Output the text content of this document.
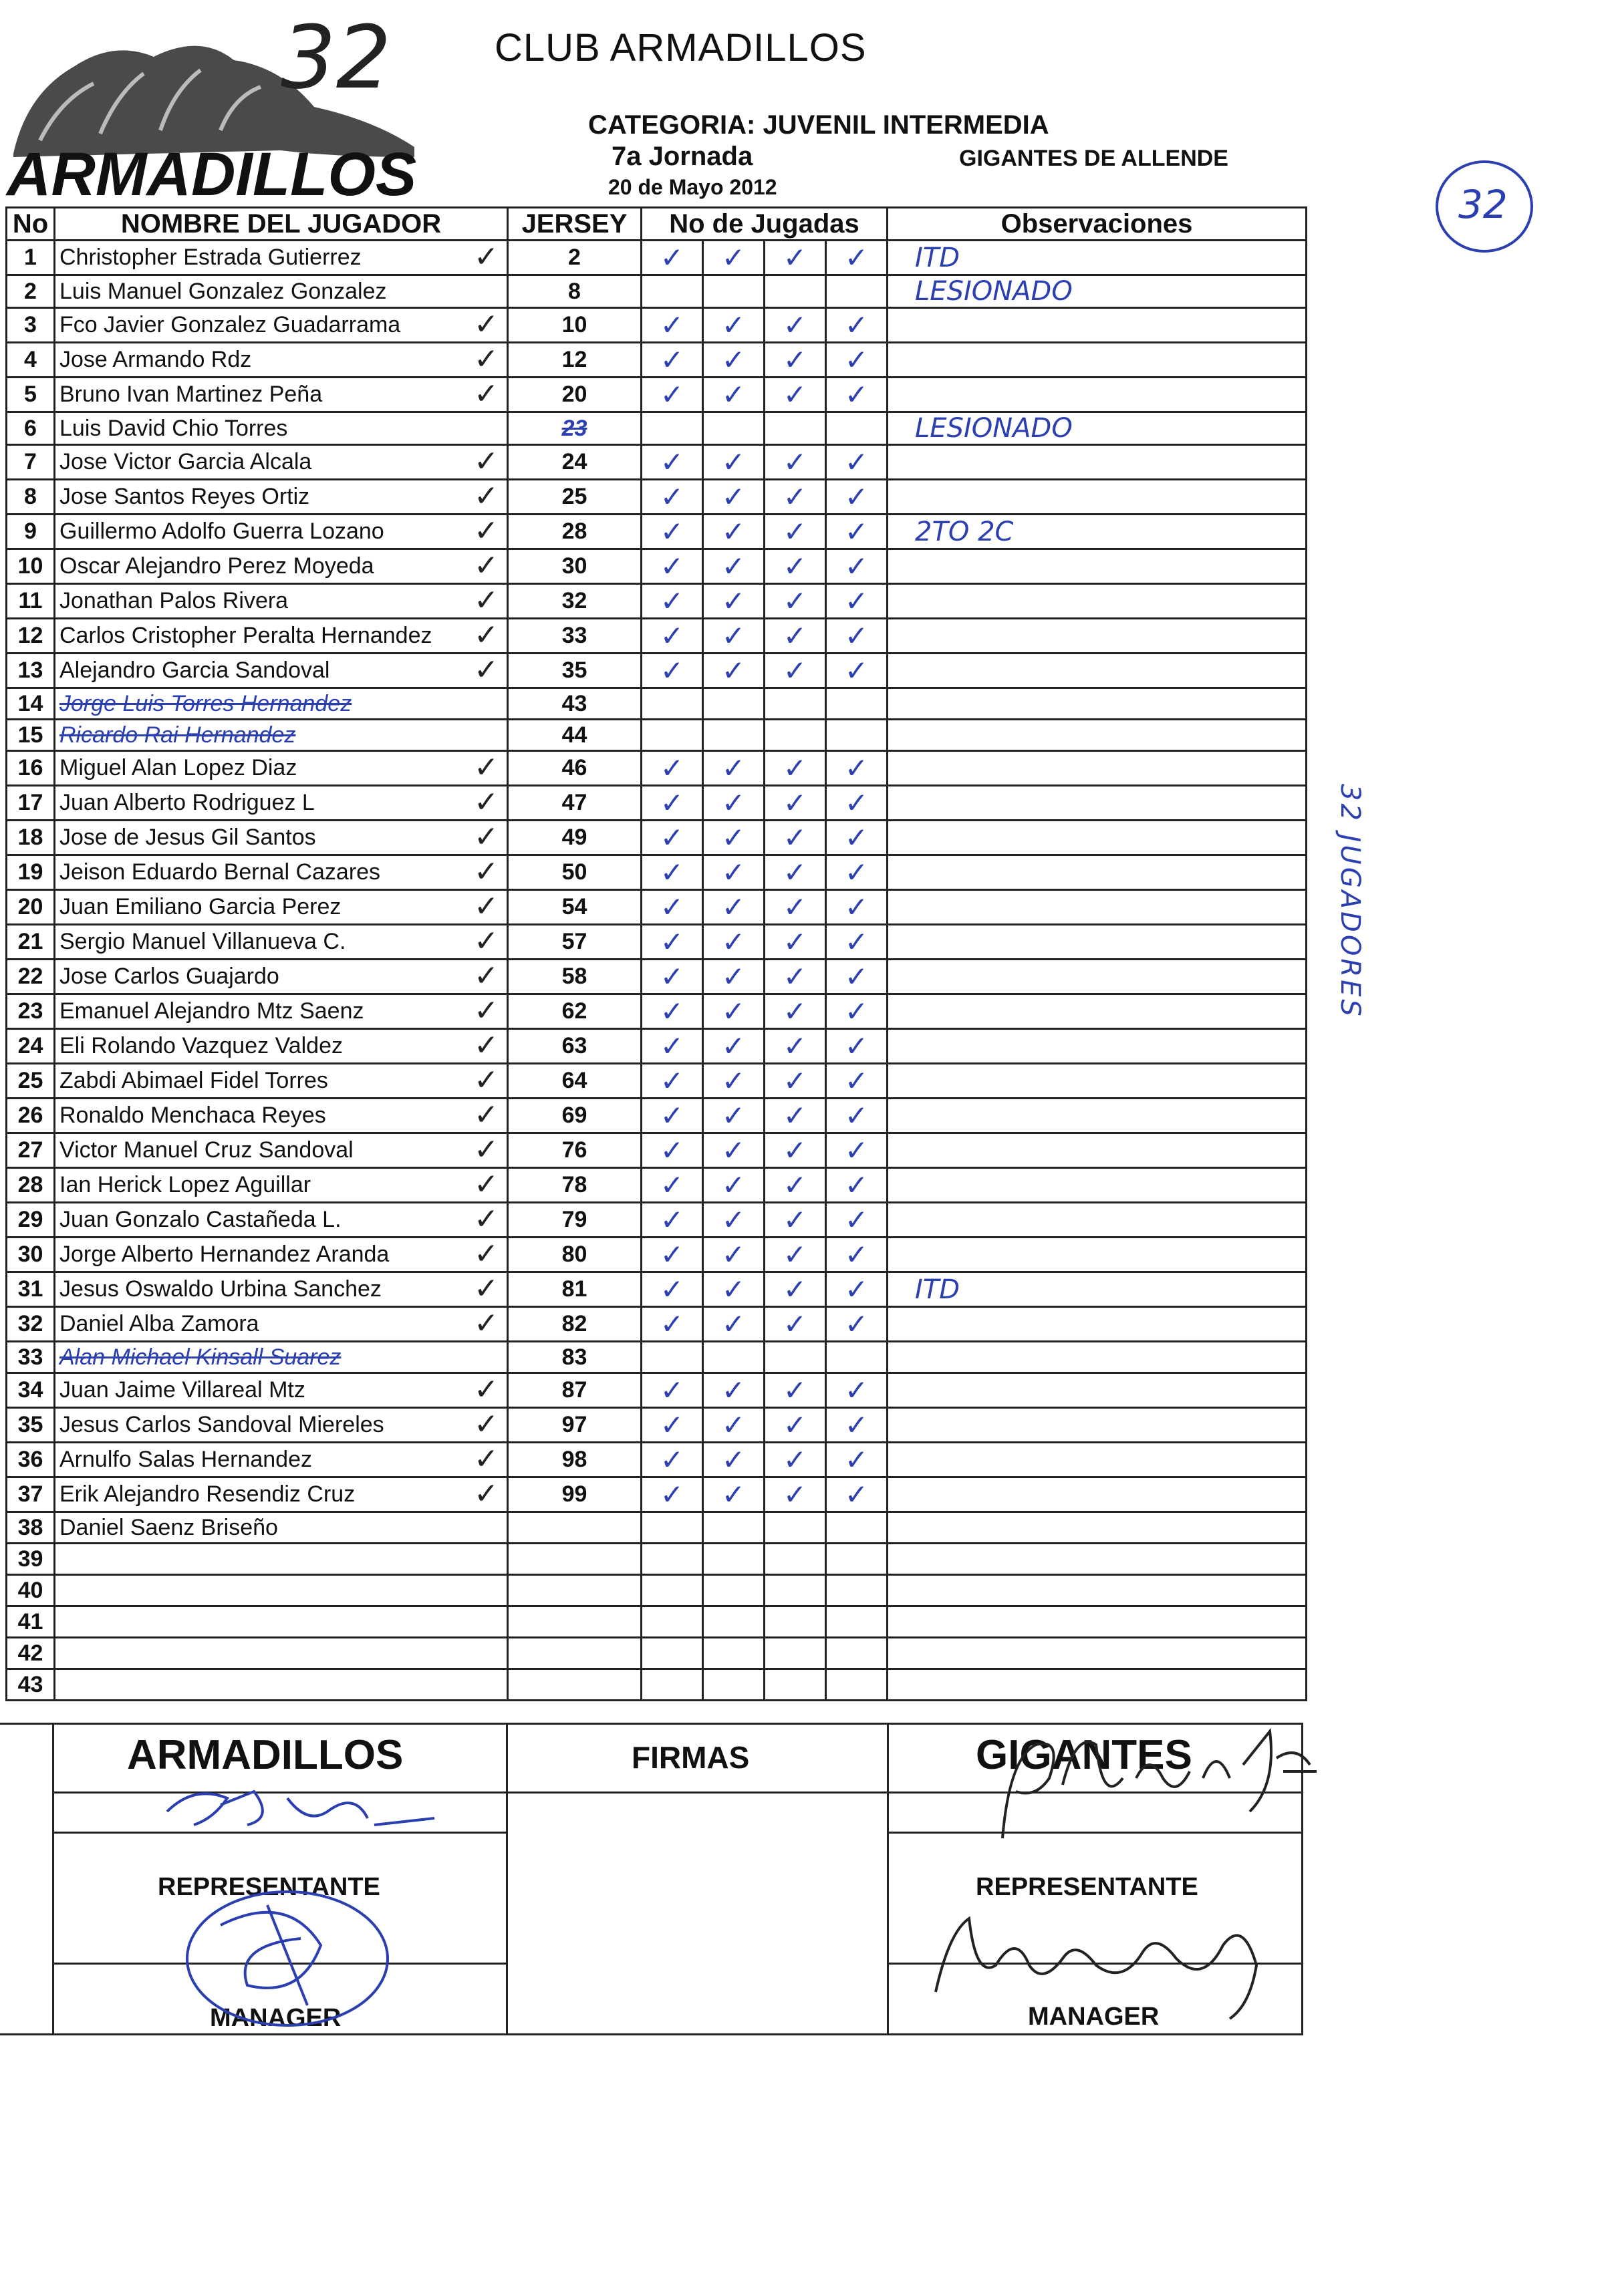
ARMADILLOS
32	CLUB ARMADILLOS
CATEGORIA: JUVENIL INTERMEDIA
7a Jornada	GIGANTES DE ALLENDE
20 de Mayo 2012	32
32 JUGADORES
No	NOMBRE DEL JUGADOR	JERSEY	No de Jugadas				Observaciones
1	Christopher Estrada Gutierrez ✓	2	✓	✓	✓	✓	ITD
2	Luis Manuel Gonzalez Gonzalez	8					LESIONADO
3	Fco Javier Gonzalez Guadarrama ✓	10	✓	✓	✓	✓	
4	Jose Armando Rdz ✓	12	✓	✓	✓	✓	
5	Bruno Ivan Martinez Peña ✓	20	✓	✓	✓	✓	
6	Luis David Chio Torres	23					LESIONADO
7	Jose Victor Garcia Alcala ✓	24	✓	✓	✓	✓	
8	Jose Santos Reyes Ortiz ✓	25	✓	✓	✓	✓	
9	Guillermo Adolfo Guerra Lozano ✓	28	✓	✓	✓	✓	2TO 2C
10	Oscar Alejandro Perez Moyeda ✓	30	✓	✓	✓	✓	
11	Jonathan Palos Rivera ✓	32	✓	✓	✓	✓	
12	Carlos Cristopher Peralta Hernandez ✓	33	✓	✓	✓	✓	
13	Alejandro Garcia Sandoval ✓	35	✓	✓	✓	✓	
14	Jorge Luis Torres Hernandez	43					
15	Ricardo Rai Hernandez	44					
16	Miguel Alan Lopez Diaz ✓	46	✓	✓	✓	✓	
17	Juan Alberto Rodriguez L ✓	47	✓	✓	✓	✓	
18	Jose de Jesus Gil Santos ✓	49	✓	✓	✓	✓	
19	Jeison Eduardo Bernal Cazares ✓	50	✓	✓	✓	✓	
20	Juan Emiliano Garcia Perez ✓	54	✓	✓	✓	✓	
21	Sergio Manuel Villanueva C. ✓	57	✓	✓	✓	✓	
22	Jose Carlos Guajardo ✓	58	✓	✓	✓	✓	
23	Emanuel Alejandro Mtz Saenz ✓	62	✓	✓	✓	✓	
24	Eli Rolando Vazquez Valdez ✓	63	✓	✓	✓	✓	
25	Zabdi Abimael Fidel Torres ✓	64	✓	✓	✓	✓	
26	Ronaldo Menchaca Reyes ✓	69	✓	✓	✓	✓	
27	Victor Manuel Cruz Sandoval ✓	76	✓	✓	✓	✓	
28	Ian Herick Lopez Aguillar ✓	78	✓	✓	✓	✓	
29	Juan Gonzalo Castañeda L. ✓	79	✓	✓	✓	✓	
30	Jorge Alberto Hernandez Aranda ✓	80	✓	✓	✓	✓	
31	Jesus Oswaldo Urbina Sanchez ✓	81	✓	✓	✓	✓	ITD
32	Daniel Alba Zamora ✓	82	✓	✓	✓	✓	
33	Alan Michael Kinsall Suarez	83					
34	Juan Jaime Villareal Mtz ✓	87	✓	✓	✓	✓	
35	Jesus Carlos Sandoval Miereles ✓	97	✓	✓	✓	✓	
36	Arnulfo Salas Hernandez ✓	98	✓	✓	✓	✓	
37	Erik Alejandro Resendiz Cruz ✓	99	✓	✓	✓	✓	
38	Daniel Saenz Briseño						
39							
40							
41							
42							
43							
ARMADILLOS	FIRMAS	GIGANTES
REPRESENTANTE
MANAGER
REPRESENTANTE
MANAGER
